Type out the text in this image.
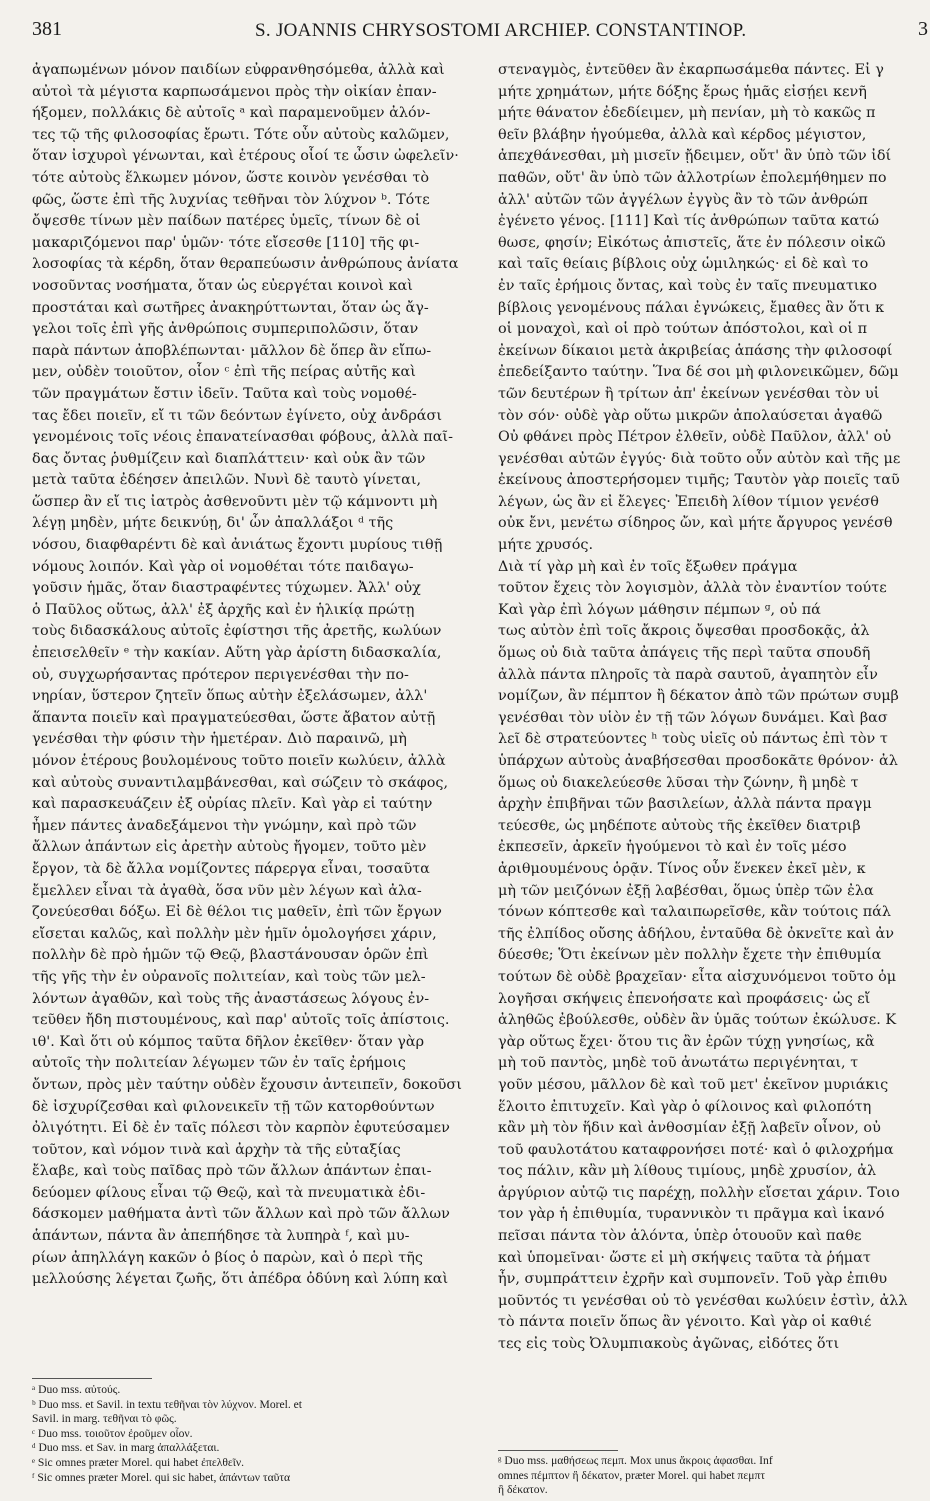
381	S. JOANNIS CHRYSOSTOMI ARCHIEP. CONSTANTINOP.	3
ἀγαπωμένων μόνον παιδίων εὐφρανθησόμεθα, ἀλλὰ καὶ
αὐτοὶ τὰ μέγιστα καρπωσάμενοι πρὸς τὴν οἰκίαν ἐπαν-
ήξομεν, πολλάκις δὲ αὐτοῖς ᵃ καὶ παραμενοῦμεν ἀλόν-
τες τῷ τῆς φιλοσοφίας ἔρωτι. Τότε οὖν αὐτοὺς καλῶμεν,
ὅταν ἰσχυροὶ γένωνται, καὶ ἑτέρους οἷοί τε ὦσιν ὠφελεῖν·
τότε αὐτοὺς ἕλκωμεν μόνον, ὥστε κοινὸν γενέσθαι τὸ
φῶς, ὥστε ἐπὶ τῆς λυχνίας τεθῆναι τὸν λύχνον ᵇ. Τότε
ὄψεσθε τίνων μὲν παίδων πατέρες ὑμεῖς, τίνων δὲ οἱ
μακαριζόμενοι παρ' ὑμῶν· τότε εἴσεσθε [110] τῆς φι-
λοσοφίας τὰ κέρδη, ὅταν θεραπεύωσιν ἀνθρώπους ἀνίατα
νοσοῦντας νοσήματα, ὅταν ὡς εὐεργέται κοινοὶ καὶ
προστάται καὶ σωτῆρες ἀνακηρύττωνται, ὅταν ὡς ἄγ-
γελοι τοῖς ἐπὶ γῆς ἀνθρώποις συμπεριπολῶσιν, ὅταν
παρὰ πάντων ἀποβλέπωνται· μᾶλλον δὲ ὅπερ ἂν εἴπω-
μεν, οὐδὲν τοιοῦτον, οἷον ᶜ ἐπὶ τῆς πείρας αὐτῆς καὶ
τῶν πραγμάτων ἔστιν ἰδεῖν. Ταῦτα καὶ τοὺς νομοθέ-
τας ἔδει ποιεῖν, εἴ τι τῶν δεόντων ἐγίνετο, οὐχ ἀνδράσι
γενομένοις τοῖς νέοις ἐπανατείνασθαι φόβους, ἀλλὰ παῖ-
δας ὄντας ῥυθμίζειν καὶ διαπλάττειν· καὶ οὐκ ἂν τῶν
μετὰ ταῦτα ἐδέησεν ἀπειλῶν. Νυνὶ δὲ ταυτὸ γίνεται,
ὥσπερ ἂν εἴ τις ἰατρὸς ἀσθενοῦντι μὲν τῷ κάμνοντι μὴ
λέγῃ μηδὲν, μήτε δεικνύῃ, δι' ὧν ἀπαλλάξοι ᵈ τῆς
νόσου, διαφθαρέντι δὲ καὶ ἀνιάτως ἔχοντι μυρίους τιθῇ
νόμους λοιπόν. Καὶ γὰρ οἱ νομοθέται τότε παιδαγω-
γοῦσιν ἡμᾶς, ὅταν διαστραφέντες τύχωμεν. Ἀλλ' οὐχ
ὁ Παῦλος οὕτως, ἀλλ' ἐξ ἀρχῆς καὶ ἐν ἡλικίᾳ πρώτῃ
τοὺς διδασκάλους αὐτοῖς ἐφίστησι τῆς ἀρετῆς, κωλύων
ἐπεισελθεῖν ᵉ τὴν κακίαν. Αὕτη γὰρ ἀρίστη διδασκαλία,
οὐ, συγχωρήσαντας πρότερον περιγενέσθαι τὴν πο-
νηρίαν, ὕστερον ζητεῖν ὅπως αὐτὴν ἐξελάσωμεν, ἀλλ'
ἅπαντα ποιεῖν καὶ πραγματεύεσθαι, ὥστε ἄβατον αὐτῇ
γενέσθαι τὴν φύσιν τὴν ἡμετέραν. Διὸ παραινῶ, μὴ
μόνον ἑτέρους βουλομένους τοῦτο ποιεῖν κωλύειν, ἀλλὰ
καὶ αὐτοὺς συναντιλαμβάνεσθαι, καὶ σώζειν τὸ σκάφος,
καὶ παρασκευάζειν ἐξ οὐρίας πλεῖν. Καὶ γὰρ εἰ ταύτην
ἦμεν πάντες ἀναδεξάμενοι τὴν γνώμην, καὶ πρὸ τῶν
ἄλλων ἁπάντων εἰς ἀρετὴν αὐτοὺς ἤγομεν, τοῦτο μὲν
ἔργον, τὰ δὲ ἄλλα νομίζοντες πάρεργα εἶναι, τοσαῦτα
ἔμελλεν εἶναι τὰ ἀγαθὰ, ὅσα νῦν μὲν λέγων καὶ ἀλα-
ζονεύεσθαι δόξω. Εἰ δὲ θέλοι τις μαθεῖν, ἐπὶ τῶν ἔργων
εἴσεται καλῶς, καὶ πολλὴν μὲν ἡμῖν ὁμολογήσει χάριν,
πολλὴν δὲ πρὸ ἡμῶν τῷ Θεῷ, βλαστάνουσαν ὁρῶν ἐπὶ
τῆς γῆς τὴν ἐν οὐρανοῖς πολιτείαν, καὶ τοὺς τῶν μελ-
λόντων ἀγαθῶν, καὶ τοὺς τῆς ἀναστάσεως λόγους ἐν-
τεῦθεν ἤδη πιστουμένους, καὶ παρ' αὐτοῖς τοῖς ἀπίστοις.
ιθ'. Καὶ ὅτι οὐ κόμπος ταῦτα δῆλον ἐκεῖθεν· ὅταν γὰρ
αὐτοῖς τὴν πολιτείαν λέγωμεν τῶν ἐν ταῖς ἐρήμοις
ὄντων, πρὸς μὲν ταύτην οὐδὲν ἔχουσιν ἀντειπεῖν, δοκοῦσι
δὲ ἰσχυρίζεσθαι καὶ φιλονεικεῖν τῇ τῶν κατορθούντων
ὀλιγότητι. Εἰ δὲ ἐν ταῖς πόλεσι τὸν καρπὸν ἐφυτεύσαμεν
τοῦτον, καὶ νόμον τινὰ καὶ ἀρχὴν τὰ τῆς εὐταξίας
ἔλαβε, καὶ τοὺς παῖδας πρὸ τῶν ἄλλων ἁπάντων ἐπαι-
δεύομεν φίλους εἶναι τῷ Θεῷ, καὶ τὰ πνευματικὰ ἐδι-
δάσκομεν μαθήματα ἀντὶ τῶν ἄλλων καὶ πρὸ τῶν ἄλλων
ἁπάντων, πάντα ἂν ἀπεπήδησε τὰ λυπηρὰ ᶠ, καὶ μυ-
ρίων ἀπηλλάγη κακῶν ὁ βίος ὁ παρὼν, καὶ ὁ περὶ τῆς
μελλούσης λέγεται ζωῆς, ὅτι ἀπέδρα ὀδύνη καὶ λύπη καὶ
στεναγμὸς, ἐντεῦθεν ἂν ἐκαρπωσάμεθα πάντες. Εἰ γ
μήτε χρημάτων, μήτε δόξης ἔρως ἡμᾶς εἰσῄει κενῆ
μήτε θάνατον ἐδεδίειμεν, μὴ πενίαν, μὴ τὸ κακῶς π
θεῖν βλάβην ἡγούμεθα, ἀλλὰ καὶ κέρδος μέγιστον,
ἀπεχθάνεσθαι, μὴ μισεῖν ᾔδειμεν, οὔτ' ἂν ὑπὸ τῶν ἰδί
παθῶν, οὔτ' ἂν ὑπὸ τῶν ἀλλοτρίων ἐπολεμήθημεν πο
ἀλλ' αὐτῶν τῶν ἀγγέλων ἐγγὺς ἂν τὸ τῶν ἀνθρώπ
ἐγένετο γένος. [111] Καὶ τίς ἀνθρώπων ταῦτα κατώ
θωσε, φησίν; Εἰκότως ἀπιστεῖς, ἅτε ἐν πόλεσιν οἰκῶ
καὶ ταῖς θείαις βίβλοις οὐχ ὡμιληκώς· εἰ δὲ καὶ το
ἐν ταῖς ἐρήμοις ὄντας, καὶ τοὺς ἐν ταῖς πνευματικο
βίβλοις γενομένους πάλαι ἐγνώκεις, ἔμαθες ἂν ὅτι κ
οἱ μοναχοὶ, καὶ οἱ πρὸ τούτων ἀπόστολοι, καὶ οἱ π
ἐκείνων δίκαιοι μετὰ ἀκριβείας ἁπάσης τὴν φιλοσοφί
ἐπεδείξαντο ταύτην. Ἵνα δέ σοι μὴ φιλονεικῶμεν, δῶμ
τῶν δευτέρων ἢ τρίτων ἀπ' ἐκείνων γενέσθαι τὸν υἱ
τὸν σόν· οὐδὲ γὰρ οὕτω μικρῶν ἀπολαύσεται ἀγαθῶ
Οὐ φθάνει πρὸς Πέτρον ἐλθεῖν, οὐδὲ Παῦλον, ἀλλ' οὐ
γενέσθαι αὐτῶν ἐγγύς· διὰ τοῦτο οὖν αὐτὸν καὶ τῆς με
ἐκείνους ἀποστερήσομεν τιμῆς; Ταυτὸν γὰρ ποιεῖς ταῦ
λέγων, ὡς ἂν εἰ ἔλεγες· Ἐπειδὴ λίθον τίμιον γενέσθ
οὐκ ἔνι, μενέτω σίδηρος ὤν, καὶ μήτε ἄργυρος γενέσθ
μήτε χρυσός.
Διὰ τί γὰρ μὴ καὶ ἐν τοῖς ἔξωθεν πράγμα
τοῦτον ἔχεις τὸν λογισμὸν, ἀλλὰ τὸν ἐναντίον τούτε
Καὶ γὰρ ἐπὶ λόγων μάθησιν πέμπων ᵍ, οὐ πά
τως αὐτὸν ἐπὶ τοῖς ἄκροις ὄψεσθαι προσδοκᾷς, ἀλ
ὅμως οὐ διὰ ταῦτα ἀπάγεις τῆς περὶ ταῦτα σπουδῆ
ἀλλὰ πάντα πληροῖς τὰ παρὰ σαυτοῦ, ἀγαπητὸν εἶν
νομίζων, ἂν πέμπτον ἢ δέκατον ἀπὸ τῶν πρώτων συμβ
γενέσθαι τὸν υἱὸν ἐν τῇ τῶν λόγων δυνάμει. Καὶ βασ
λεῖ δὲ στρατεύοντες ʰ τοὺς υἱεῖς οὐ πάντως ἐπὶ τὸν τ
ὑπάρχων αὐτοὺς ἀναβήσεσθαι προσδοκᾶτε θρόνον· ἀλ
ὅμως οὐ διακελεύεσθε λῦσαι τὴν ζώνην, ἢ μηδὲ τ
ἀρχὴν ἐπιβῆναι τῶν βασιλείων, ἀλλὰ πάντα πραγμ
τεύεσθε, ὡς μηδέποτε αὐτοὺς τῆς ἐκεῖθεν διατριβ
ἐκπεσεῖν, ἀρκεῖν ἡγούμενοι τὸ καὶ ἐν τοῖς μέσο
ἀριθμουμένους ὁρᾷν. Τίνος οὖν ἕνεκεν ἐκεῖ μὲν, κ
μὴ τῶν μειζόνων ἐξῇ λαβέσθαι, ὅμως ὑπὲρ τῶν ἐλα
τόνων κόπτεσθε καὶ ταλαιπωρεῖσθε, κἂν τούτοις πάλ
τῆς ἐλπίδος οὔσης ἀδήλου, ἐνταῦθα δὲ ὀκνεῖτε καὶ ἀν
δύεσθε; Ὅτι ἐκείνων μὲν πολλὴν ἔχετε τὴν ἐπιθυμία
τούτων δὲ οὐδὲ βραχεῖαν· εἶτα αἰσχυνόμενοι τοῦτο ὁμ
λογῆσαι σκήψεις ἐπενοήσατε καὶ προφάσεις· ὡς εἴ
ἀληθῶς ἐβούλεσθε, οὐδὲν ἂν ὑμᾶς τούτων ἐκώλυσε. Κ
γὰρ οὕτως ἔχει· ὅτου τις ἂν ἐρῶν τύχῃ γνησίως, κἂ
μὴ τοῦ παντὸς, μηδὲ τοῦ ἀνωτάτω περιγένηται, τ
γοῦν μέσου, μᾶλλον δὲ καὶ τοῦ μετ' ἐκεῖνον μυριάκις
ἕλοιτο ἐπιτυχεῖν. Καὶ γὰρ ὁ φίλοινος καὶ φιλοπότη
κἂν μὴ τὸν ἥδιν καὶ ἀνθοσμίαν ἐξῇ λαβεῖν οἶνον, οὐ
τοῦ φαυλοτάτου καταφρονήσει ποτέ· καὶ ὁ φιλοχρήμα
τος πάλιν, κἂν μὴ λίθους τιμίους, μηδὲ χρυσίον, ἀλ
ἀργύριον αὐτῷ τις παρέχῃ, πολλὴν εἴσεται χάριν. Τοιο
τον γὰρ ἡ ἐπιθυμία, τυραννικὸν τι πρᾶγμα καὶ ἱκανό
πεῖσαι πάντα τὸν ἁλόντα, ὑπὲρ ὁτουοῦν καὶ παθε
καὶ ὑπομεῖναι· ὥστε εἰ μὴ σκήψεις ταῦτα τὰ ῥήματ
ἦν, συμπράττειν ἐχρῆν καὶ συμπονεῖν. Τοῦ γὰρ ἐπιθυ
μοῦντός τι γενέσθαι οὐ τὸ γενέσθαι κωλύειν ἐστὶν, ἀλλ
τὸ πάντα ποιεῖν ὅπως ἂν γένοιτο. Καὶ γὰρ οἱ καθιέ
τες εἰς τοὺς Ὀλυμπιακοὺς ἀγῶνας, εἰδότες ὅτι
ᵃ Duo mss. αὐτούς.
ᵇ Duo mss. et Savil. in textu τεθῆναι τὸν λύχνον. Morel. et
Savil. in marg. τεθῆναι τὸ φῶς.
ᶜ Duo mss. τοιοῦτον ἐροῦμεν οἷον.
ᵈ Duo mss. et Sav. in marg ἀπαλλάξεται.
ᵉ Sic omnes præter Morel. qui habet ἐπελθεῖν.
ᶠ Sic omnes præter Morel. qui sic habet, ἁπάντων ταῦτα
ᵍ Duo mss. μαθήσεως πεμπ. Mox unus ἄκροις ἀφασθαι. Inf
omnes πέμπτον ἢ δέκατον, præter Morel. qui habet πεμπτ
ἢ δέκατον.
